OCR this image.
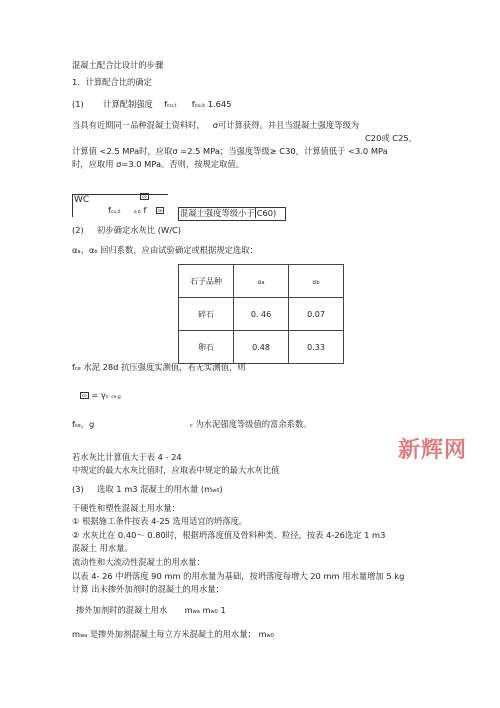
混凝土配合比设计的步骤
1．计算配合比的确定
(1) 计算配制强度 fcu,t fcu,k 1.645
当具有近期同一品种混凝土资料时， σ可计算获得。并且当混凝土强度等级为
C20或 C25，
计算值 <2.5 MPa时，应取σ =2.5 MPa；当强度等级≥ C30，计算值低于 <3.0 MPa
时，应取用 σ=3.0 MPa。否则，按规定取值。
WC	ce
fcu,0	a b f	ce 混凝土强度等级小于 C60)
(2) 初步确定水灰比 (W/C)
αa、αb 回归系数，应由试验确定或根据规定选取：
石子品种	αa	αb
碎石	0. 46	0.07
卵石	0.48	0.33
fce 水泥 28d 抗压强度实测值，若无实测值，则
ce = γc ce,g
fce，g	c 为水泥强度等级值的富余系数。
若水灰比计算值大于表 4 - 24
中规定的最大水灰比值时，应取表中规定的最大水灰比值
(3) 选取 1 m3 混凝土的用水量 (mw0)
干硬性和塑性混凝土用水量：
① 根据施工条件按表 4-25 选用适宜的坍落度。
② 水灰比在 0.40～ 0.80时，根据坍落度值及骨料种类、粒径，按表 4-26选定 1 m3
混凝土 用水量。
流动性和大流动性混凝土的用水量：
以表 4- 26 中坍落度 90 mm 的用水量为基础，按坍落度每增大 20 mm 用水量增加 5 kg
计算 出未掺外加剂时的混凝土的用水量；
掺外加剂时的混凝土用水 mwa mw0 1
mwa 是掺外加剂混凝土每立方米混凝土的用水量； mw0
新辉网
